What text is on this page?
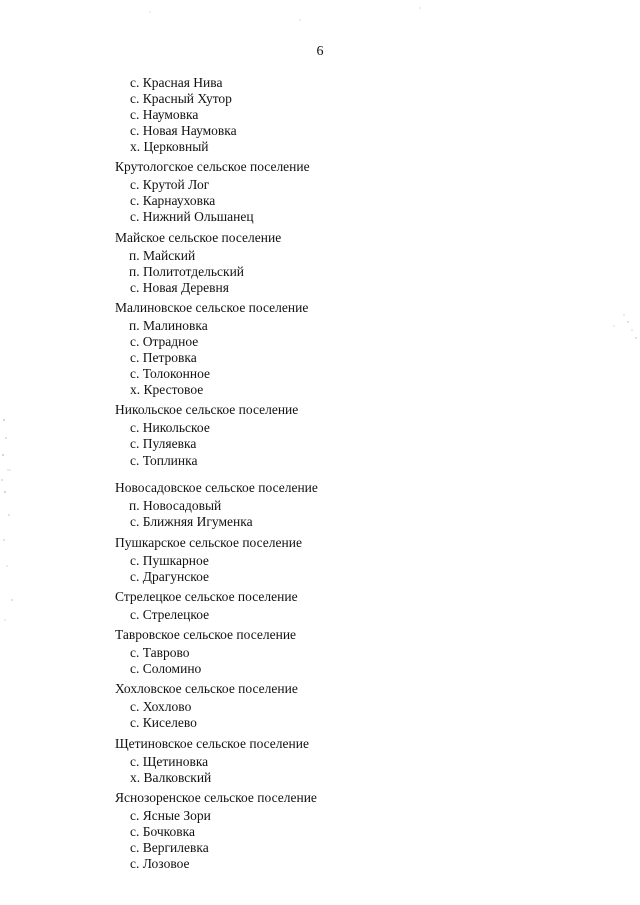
6
с. Красная Нива
с. Красный Хутор
с. Наумовка
с. Новая Наумовка
х. Церковный
Крутологское сельское поселение
с. Крутой Лог
с. Карнауховка
с. Нижний Ольшанец
Майское сельское поселение
п. Майский
п. Политотдельский
с. Новая Деревня
Малиновское сельское поселение
п. Малиновка
с. Отрадное
с. Петровка
с. Толоконное
х. Крестовое
Никольское сельское поселение
с. Никольское
с. Пуляевка
с. Топлинка
Новосадовское сельское поселение
п. Новосадовый
с. Ближняя Игуменка
Пушкарское сельское поселение
с. Пушкарное
с. Драгунское
Стрелецкое сельское поселение
с. Стрелецкое
Тавровское сельское поселение
с. Таврово
с. Соломино
Хохловское сельское поселение
с. Хохлово
с. Киселево
Щетиновское сельское поселение
с. Щетиновка
х. Валковский
Яснозоренское сельское поселение
с. Ясные Зори
с. Бочковка
с. Вергилевка
с. Лозовое
